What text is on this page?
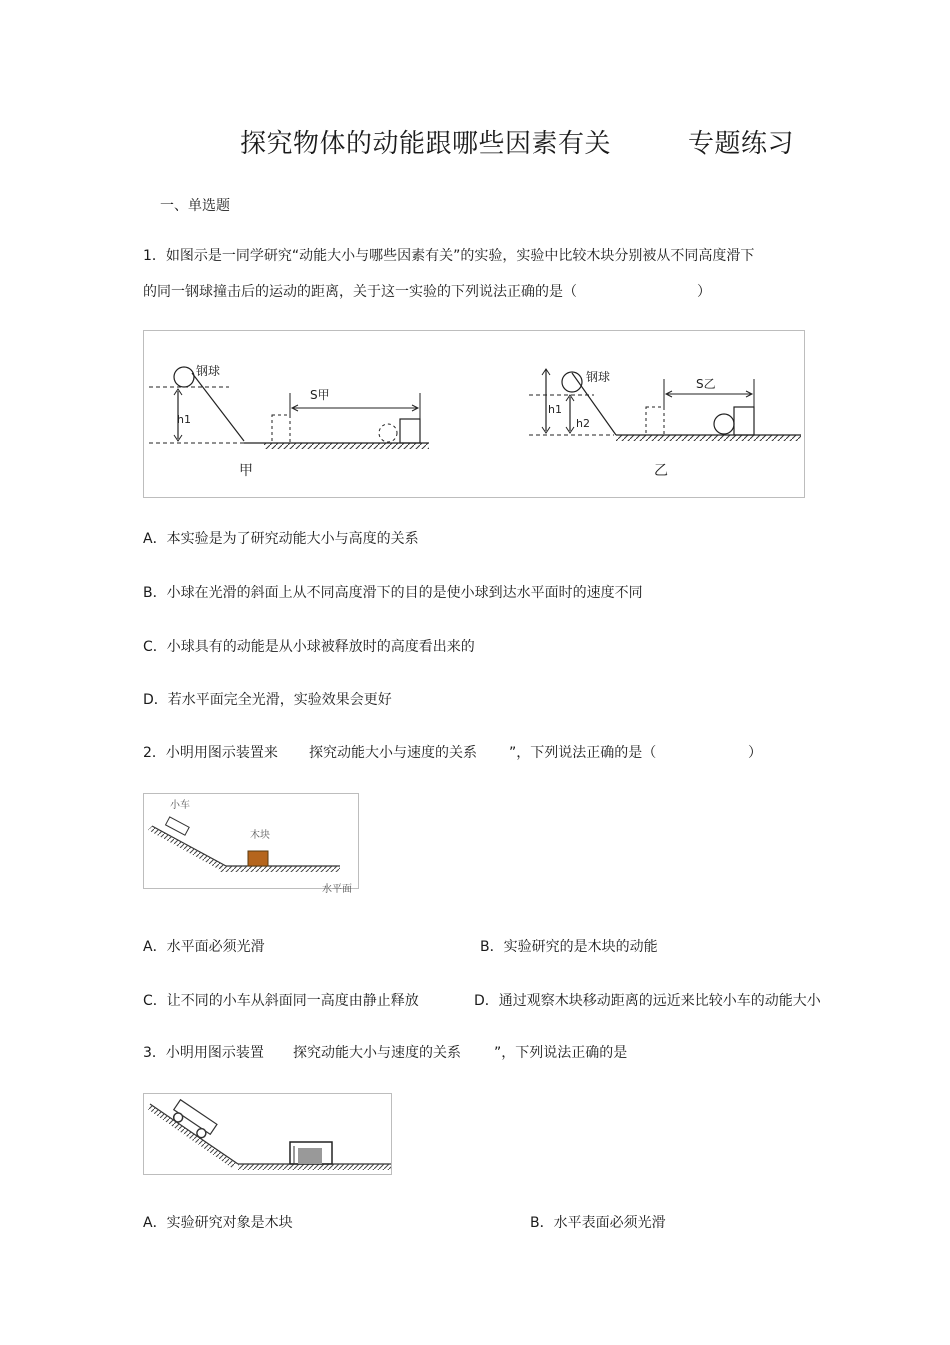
探究物体的动能跟哪些因素有关	专题练习
一、单选题
1．如图示是一同学研究“动能大小与哪些因素有关”的实验，实验中比较木块分别被从不同高度滑下
的同一钢球撞击后的运动的距离，关于这一实验的下列说法正确的是（	）
h1
钢球
S甲
甲
h1
h2
钢球	S乙
乙
A．本实验是为了研究动能大小与高度的关系
B．小球在光滑的斜面上从不同高度滑下的目的是使小球到达水平面时的速度不同
C．小球具有的动能是从小球被释放时的高度看出来的
D．若水平面完全光滑，实验效果会更好
2．小明用图示装置来 探究动能大小与速度的关系 ”，下列说法正确的是（	）
小车
木块
水平面
A．水平面必须光滑	B．实验研究的是木块的动能
C．让不同的小车从斜面同一高度由静止释放	D．通过观察木块移动距离的远近来比较小车的动能大小
3．小明用图示装置 探究动能大小与速度的关系 ”，下列说法正确的是
A．实验研究对象是木块	B．水平表面必须光滑
